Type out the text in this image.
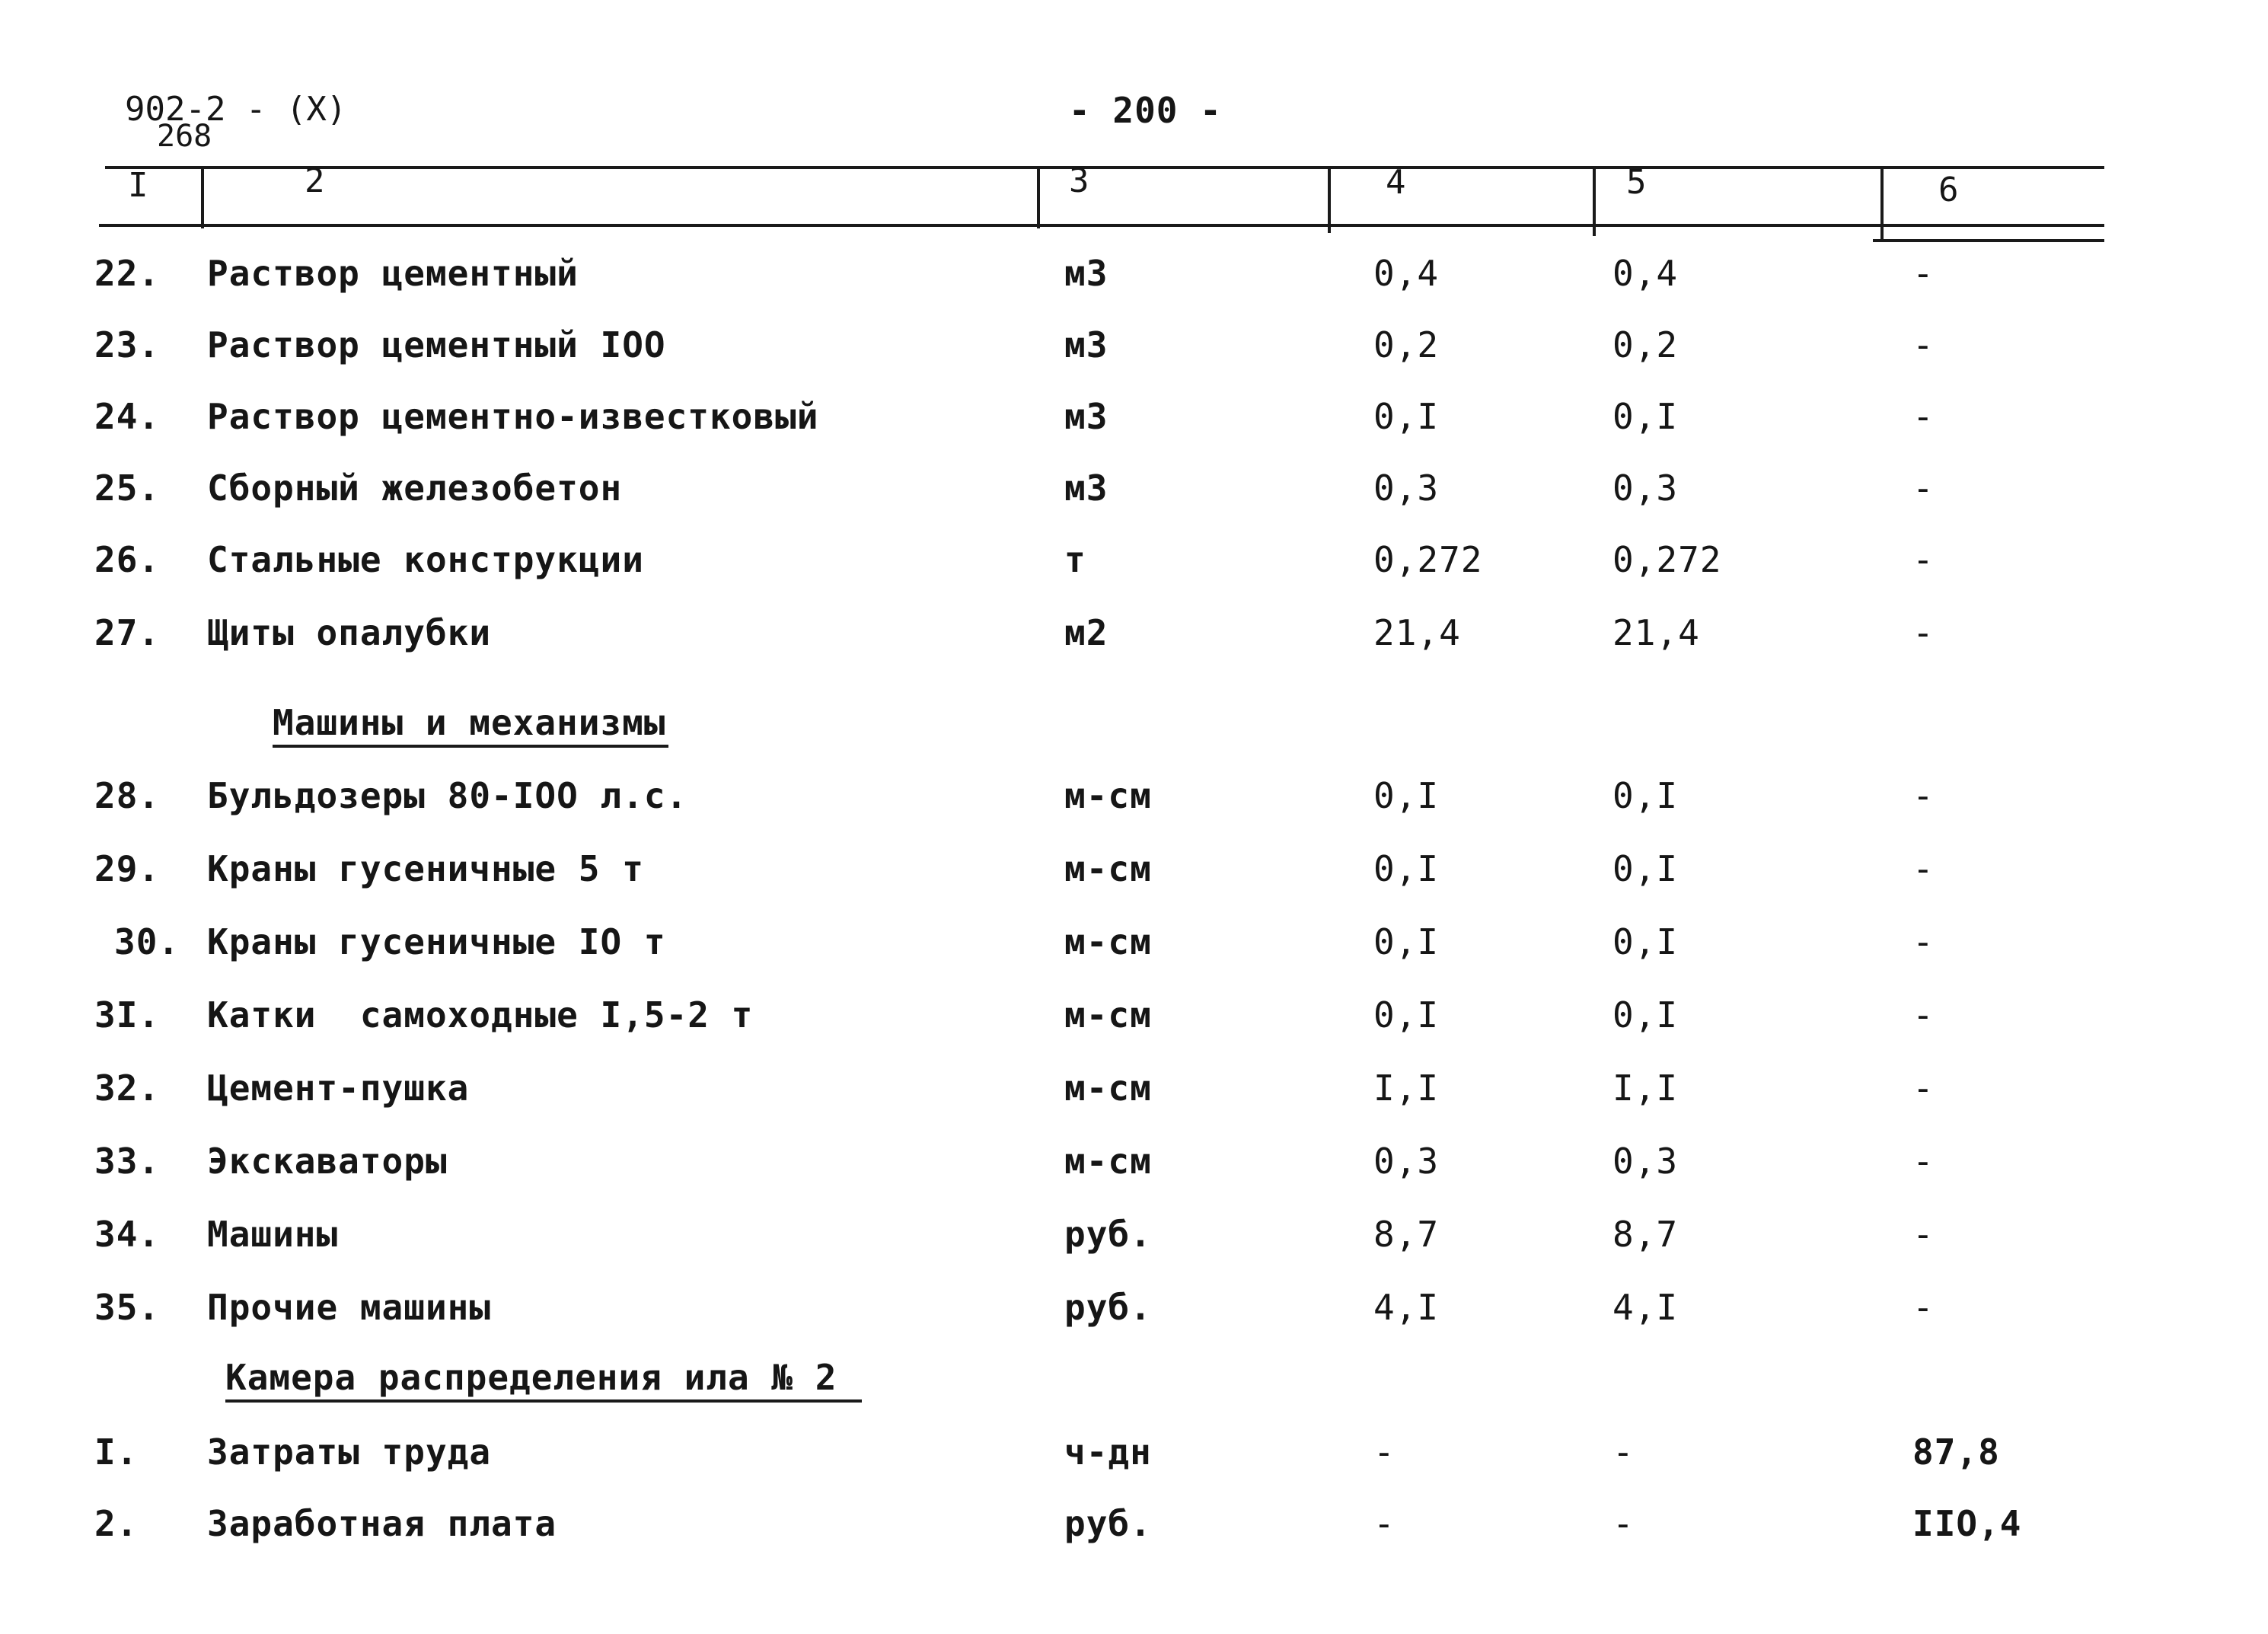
902-2 - (X)
268
- 200 -
I	2	3	4	5	6
22. Раствор цементный	м3	0,4	0,4	-
23. Раствор цементный IOO	м3	0,2	0,2	-
24. Раствор цементно-известковый	м3	0,I	0,I	-
25. Сборный железобетон	м3	0,3	0,3	-
26. Стальные конструкции	т	0,272	0,272	-
27. Щиты опалубки	м2	21,4	21,4	-
Машины и механизмы
28. Бульдозеры 80-IOO л.с.	м-см	0,I	0,I	-
29. Краны гусеничные 5 т	м-см	0,I	0,I	-
30. Краны гусеничные IO т	м-см	0,I	0,I	-
3I. Катки  самоходные I,5-2 т	м-см	0,I	0,I	-
32. Цемент-пушка	м-см	I,I	I,I	-
33. Экскаваторы	м-см	0,3	0,3	-
34. Машины	руб.	8,7	8,7	-
35. Прочие машины	руб.	4,I	4,I	-
Камера распределения ила № 2
I. Затраты труда	ч-дн	-	-	87,8
2. Заработная плата	руб.	-	-	IIO,4
